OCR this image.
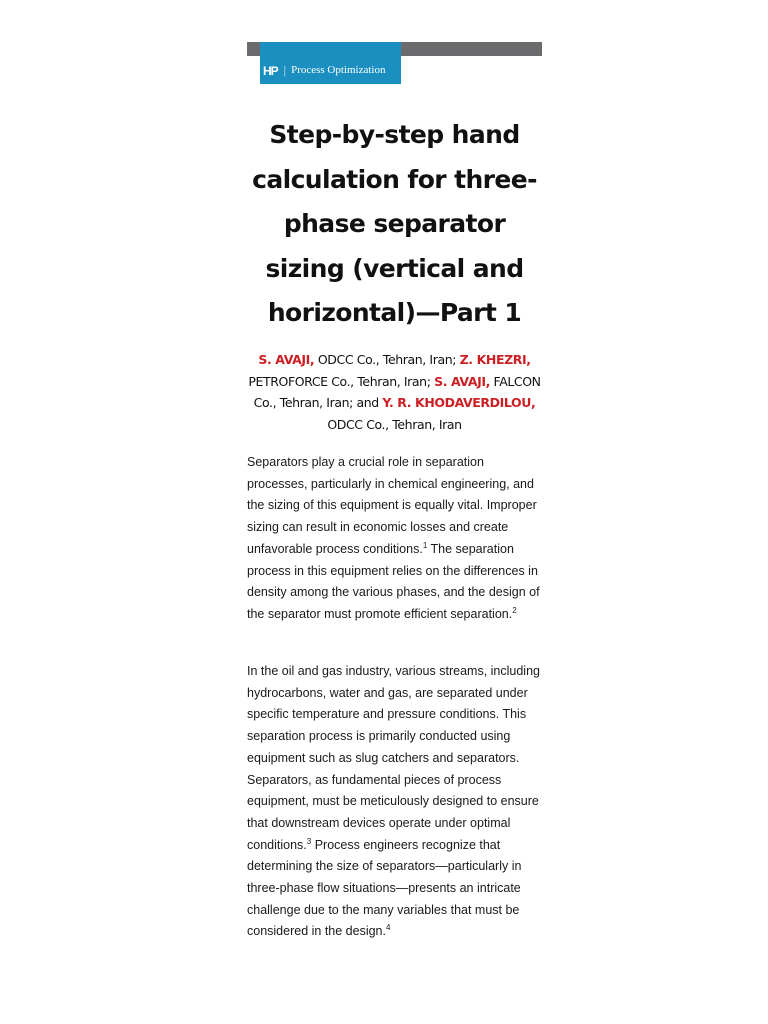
HP | Process Optimization
Step-by-step hand calculation for three-phase separator sizing (vertical and horizontal)—Part 1

S. AVAJI, ODCC Co., Tehran, Iran; Z. KHEZRI, PETROFORCE Co., Tehran, Iran; S. AVAJI, FALCON Co., Tehran, Iran; and Y. R. KHODAVERDILOU, ODCC Co., Tehran, Iran

Separators play a crucial role in separation processes, particularly in chemical engineering, and the sizing of this equipment is equally vital. Improper sizing can result in economic losses and create unfavorable process conditions.$^1$ The separation process in this equipment relies on the differences in density among the various phases, and the design of the separator must promote efficient separation.$^2$

In the oil and gas industry, various streams, including hydrocarbons, water and gas, are separated under specific temperature and pressure conditions. This separation process is primarily conducted using equipment such as slug catchers and separators. Separators, as fundamental pieces of process equipment, must be meticulously designed to ensure that downstream devices operate under optimal conditions.$^3$ Process engineers recognize that determining the size of separators—particularly in three-phase flow situations—presents an intricate challenge due to the many variables that must be considered in the design.$^4$
